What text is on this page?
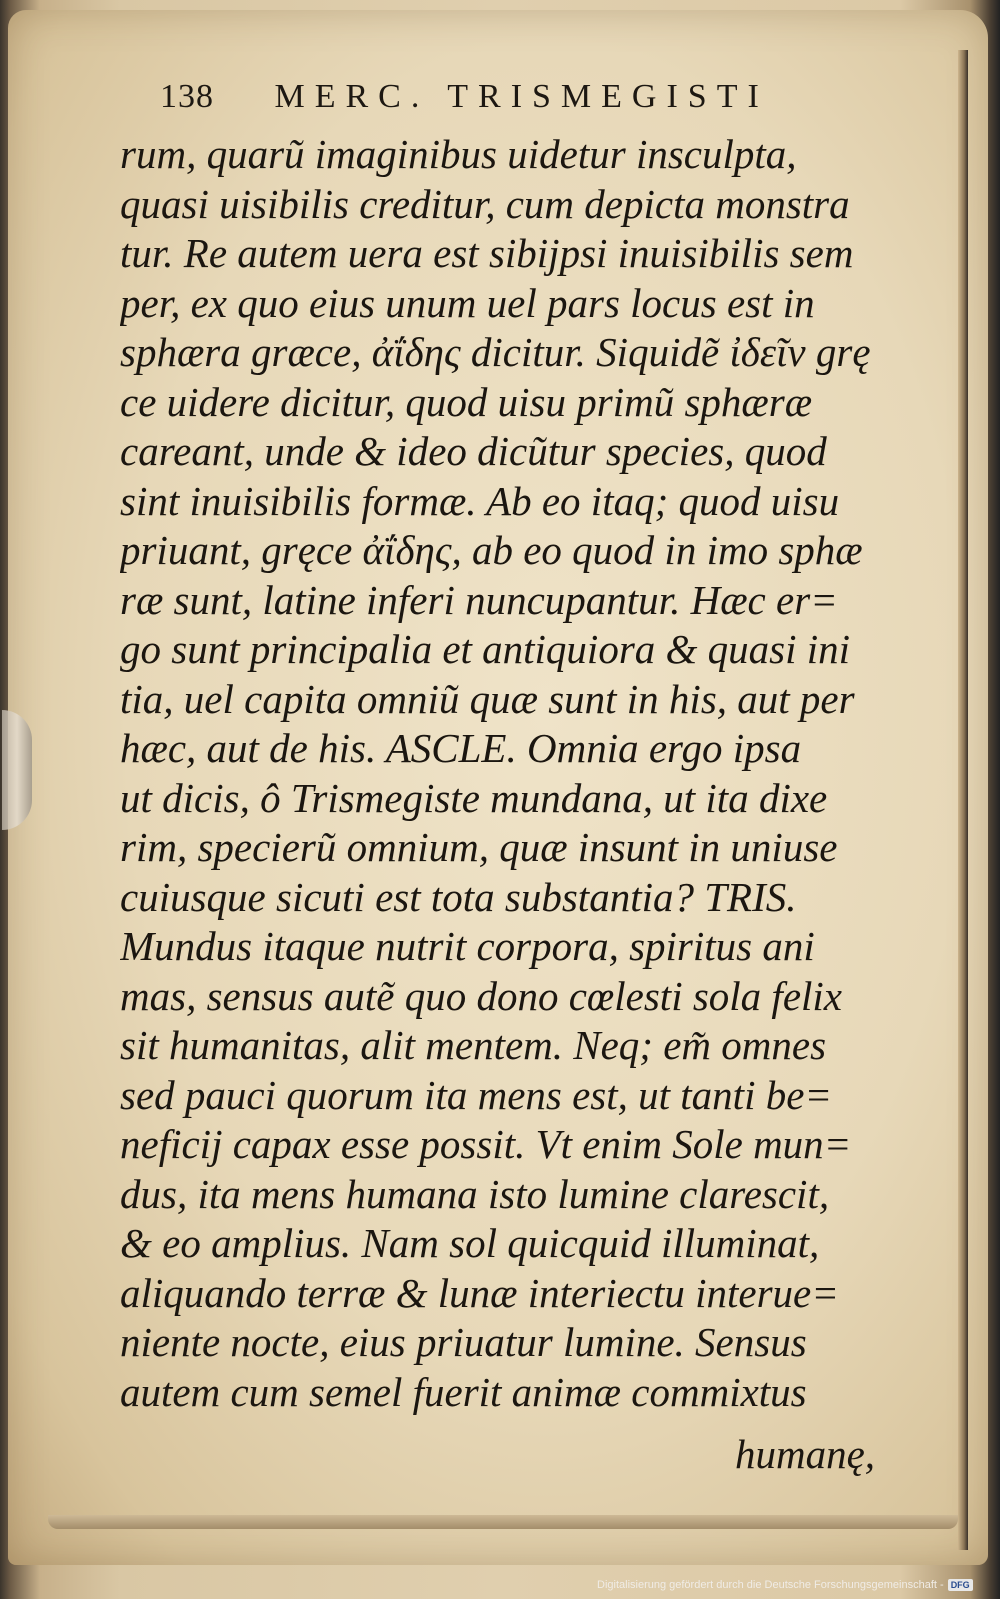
138 MERC. TRISMEGISTI
rum, quarũ imaginibus uidetur insculpta,
quasi uisibilis creditur, cum depicta monstra
tur. Re autem uera est sibijpsi inuisibilis sem
per, ex quo eius unum uel pars locus est in
sphæra græce, ἀΐδης dicitur. Siquidẽ ἰδεῖν grę
ce uidere dicitur, quod uisu primũ sphæræ
careant, unde & ideo dicũtur species, quod
sint inuisibilis formæ. Ab eo itaq; quod uisu
priuant, gręce ἀΐδης, ab eo quod in imo sphæ
ræ sunt, latine inferi nuncupantur. Hæc er=
go sunt principalia et antiquiora & quasi ini
tia, uel capita omniũ quæ sunt in his, aut per
hæc, aut de his. ASCLE. Omnia ergo ipsa
ut dicis, ô Trismegiste mundana, ut ita dixe
rim, specierũ omnium, quæ insunt in uniuse
cuiusque sicuti est tota substantia? TRIS.
Mundus itaque nutrit corpora, spiritus ani
mas, sensus autẽ quo dono cœlesti sola felix
sit humanitas, alit mentem. Neq; em̃ omnes
sed pauci quorum ita mens est, ut tanti be=
neficij capax esse possit. Vt enim Sole mun=
dus, ita mens humana isto lumine clarescit,
& eo amplius. Nam sol quicquid illuminat,
aliquando terræ & lunæ interiectu interue=
niente nocte, eius priuatur lumine. Sensus
autem cum semel fuerit animæ commixtus
humanę,
Digitalisierung gefördert durch die Deutsche Forschungsgemeinschaft - DFG
